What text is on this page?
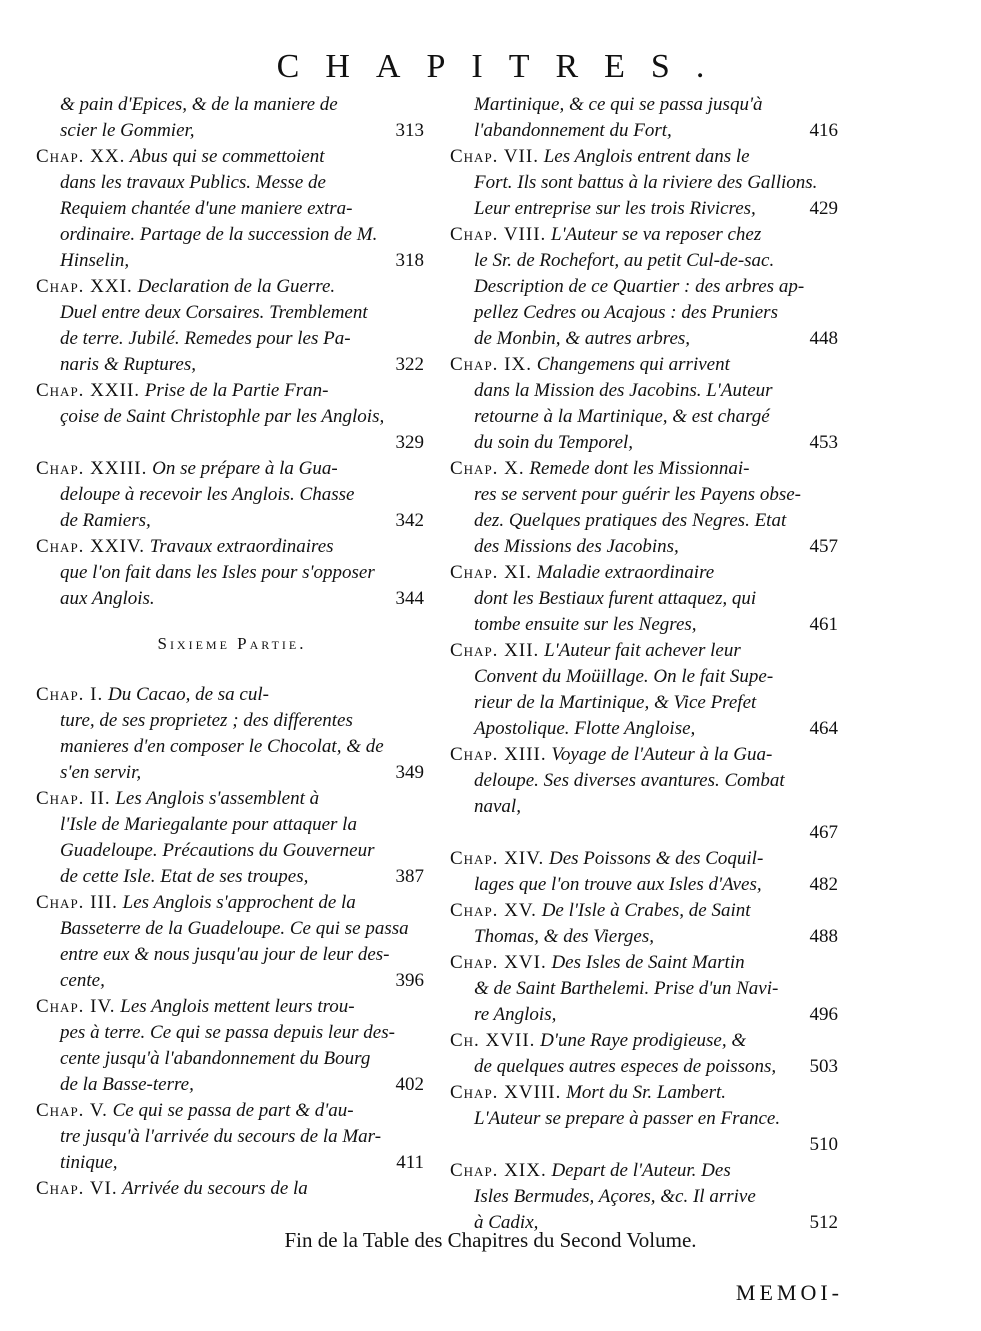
CHAPITRES.
& pain d'Epices, & de la maniere de
scier le Gommier,	313
Chap. XX. Abus qui se commettoient
dans les travaux Publics. Messe de
Requiem chantée d'une maniere extra-
ordinaire. Partage de la succession de M.
Hinselin,	318
Chap. XXI. Declaration de la Guerre.
Duel entre deux Corsaires. Tremblement
de terre. Jubilé. Remedes pour les Pa-
naris & Ruptures,	322
Chap. XXII. Prise de la Partie Fran-
çoise de Saint Christophle par les Anglois,
329
Chap. XXIII. On se prépare à la Gua-
deloupe à recevoir les Anglois. Chasse
de Ramiers,	342
Chap. XXIV. Travaux extraordinaires
que l'on fait dans les Isles pour s'opposer
aux Anglois.	344
Sixieme Partie.
Chap. I. Du Cacao, de sa cul-
ture, de ses proprietez ; des differentes
manieres d'en composer le Chocolat, & de
s'en servir,	349
Chap. II. Les Anglois s'assemblent à
l'Isle de Mariegalante pour attaquer la
Guadeloupe. Précautions du Gouverneur
de cette Isle. Etat de ses troupes,	387
Chap. III. Les Anglois s'approchent de la
Basseterre de la Guadeloupe. Ce qui se passa
entre eux & nous jusqu'au jour de leur des-
cente,	396
Chap. IV. Les Anglois mettent leurs trou-
pes à terre. Ce qui se passa depuis leur des-
cente jusqu'à l'abandonnement du Bourg
de la Basse-terre,	402
Chap. V. Ce qui se passa de part & d'au-
tre jusqu'à l'arrivée du secours de la Mar-
tinique,	411
Chap. VI. Arrivée du secours de la
Martinique, & ce qui se passa jusqu'à
l'abandonnement du Fort,	416
Chap. VII. Les Anglois entrent dans le
Fort. Ils sont battus à la riviere des Gallions.
Leur entreprise sur les trois Rivicres,	429
Chap. VIII. L'Auteur se va reposer chez
le Sr. de Rochefort, au petit Cul-de-sac.
Description de ce Quartier : des arbres ap-
pellez Cedres ou Acajous : des Pruniers
de Monbin, & autres arbres,	448
Chap. IX. Changemens qui arrivent
dans la Mission des Jacobins. L'Auteur
retourne à la Martinique, & est chargé
du soin du Temporel,	453
Chap. X. Remede dont les Missionnai-
res se servent pour guérir les Payens obse-
dez. Quelques pratiques des Negres. Etat
des Missions des Jacobins,	457
Chap. XI. Maladie extraordinaire
dont les Bestiaux furent attaquez, qui
tombe ensuite sur les Negres,	461
Chap. XII. L'Auteur fait achever leur
Convent du Moüillage. On le fait Supe-
rieur de la Martinique, & Vice Prefet
Apostolique. Flotte Angloise,	464
Chap. XIII. Voyage de l'Auteur à la Gua-
deloupe. Ses diverses avantures. Combat
naval,
467
Chap. XIV. Des Poissons & des Coquil-
lages que l'on trouve aux Isles d'Aves,	482
Chap. XV. De l'Isle à Crabes, de Saint
Thomas, & des Vierges,	488
Chap. XVI. Des Isles de Saint Martin
& de Saint Barthelemi. Prise d'un Navi-
re Anglois,	496
Ch. XVII. D'une Raye prodigieuse, &
de quelques autres especes de poissons, 503
Chap. XVIII. Mort du Sr. Lambert.
L'Auteur se prepare à passer en France.
510
Chap. XIX. Depart de l'Auteur. Des
Isles Bermudes, Açores, &c. Il arrive
à Cadix,	512
Fin de la Table des Chapitres du Second Volume.
MEMOI-
